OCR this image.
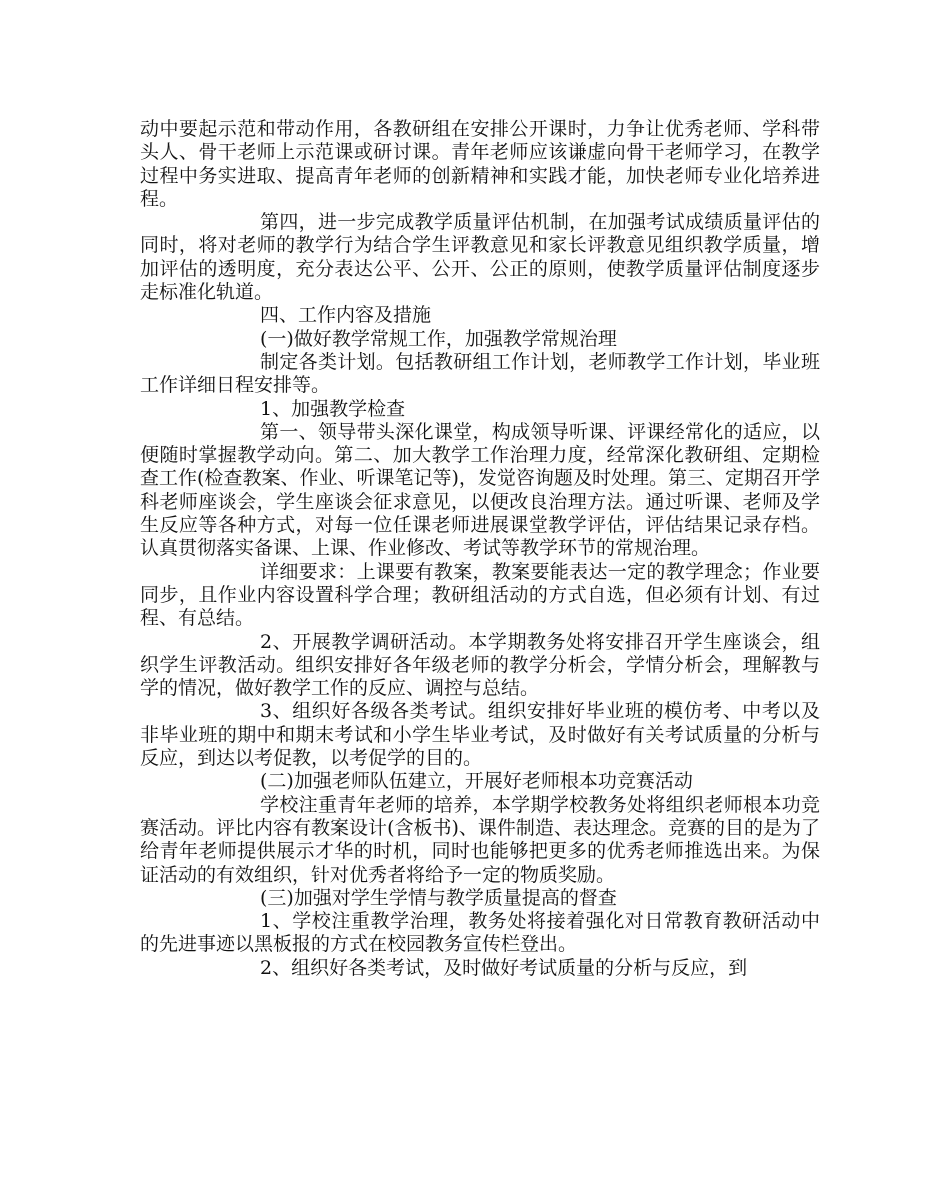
动中要起示范和带动作用，各教研组在安排公开课时，力争让优秀老师、学科带头人、骨干老师上示范课或研讨课。青年老师应该谦虚向骨干老师学习，在教学过程中务实进取、提高青年老师的创新精神和实践才能，加快老师专业化培养进程。

第四，进一步完成教学质量评估机制，在加强考试成绩质量评估的同时，将对老师的教学行为结合学生评教意见和家长评教意见组织教学质量，增加评估的透明度，充分表达公平、公开、公正的原则，使教学质量评估制度逐步走标准化轨道。

四、工作内容及措施

(一)做好教学常规工作，加强教学常规治理

制定各类计划。包括教研组工作计划，老师教学工作计划，毕业班工作详细日程安排等。

1、加强教学检查

第一、领导带头深化课堂，构成领导听课、评课经常化的适应，以便随时掌握教学动向。第二、加大教学工作治理力度，经常深化教研组、定期检查工作(检查教案、作业、听课笔记等)，发觉咨询题及时处理。第三、定期召开学科老师座谈会，学生座谈会征求意见，以便改良治理方法。通过听课、老师及学生反应等各种方式，对每一位任课老师进展课堂教学评估，评估结果记录存档。认真贯彻落实备课、上课、作业修改、考试等教学环节的常规治理。

详细要求：上课要有教案，教案要能表达一定的教学理念；作业要同步，且作业内容设置科学合理；教研组活动的方式自选，但必须有计划、有过程、有总结。

2、开展教学调研活动。本学期教务处将安排召开学生座谈会，组织学生评教活动。组织安排好各年级老师的教学分析会，学情分析会，理解教与学的情况，做好教学工作的反应、调控与总结。

3、组织好各级各类考试。组织安排好毕业班的模仿考、中考以及非毕业班的期中和期末考试和小学生毕业考试，及时做好有关考试质量的分析与反应，到达以考促教，以考促学的目的。

(二)加强老师队伍建立，开展好老师根本功竞赛活动

学校注重青年老师的培养，本学期学校教务处将组织老师根本功竞赛活动。评比内容有教案设计(含板书)、课件制造、表达理念。竞赛的目的是为了给青年老师提供展示才华的时机，同时也能够把更多的优秀老师推选出来。为保证活动的有效组织，针对优秀者将给予一定的物质奖励。

(三)加强对学生学情与教学质量提高的督查

1、学校注重教学治理，教务处将接着强化对日常教育教研活动中的先进事迹以黑板报的方式在校园教务宣传栏登出。

2、组织好各类考试，及时做好考试质量的分析与反应，到
